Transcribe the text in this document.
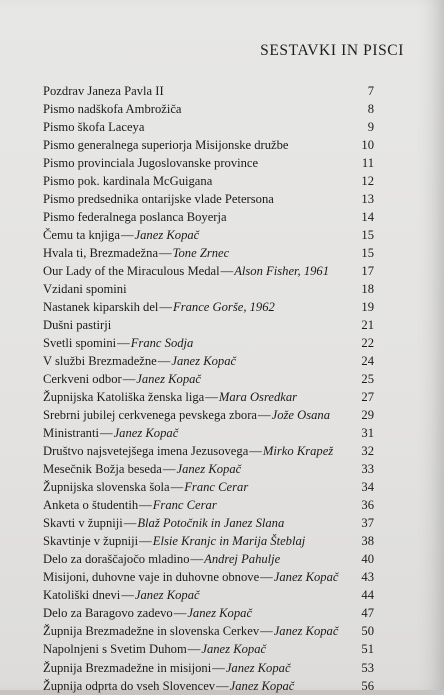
SESTAVKI IN PISCI
Pozdrav Janeza Pavla II	7
Pismo nadškofa Ambrožiča	8
Pismo škofa Laceya	9
Pismo generalnega superiorja Misijonske družbe	10
Pismo provinciala Jugoslovanske province	11
Pismo pok. kardinala McGuigana	12
Pismo predsednika ontarijske vlade Petersona	13
Pismo federalnega poslanca Boyerja	14
Čemu ta knjiga—Janez Kopač	15
Hvala ti, Brezmadežna—Tone Zrnec	15
Our Lady of the Miraculous Medal—Alson Fisher, 1961	17
Vzidani spomini	18
Nastanek kiparskih del—France Gorše, 1962	19
Dušni pastirji	21
Svetli spomini—Franc Sodja	22
V službi Brezmadežne—Janez Kopač	24
Cerkveni odbor—Janez Kopač	25
Župnijska Katoliška ženska liga—Mara Osredkar	27
Srebrni jubilej cerkvenega pevskega zbora—Jože Osana	29
Ministranti—Janez Kopač	31
Društvo najsvetejšega imena Jezusovega—Mirko Krapež	32
Mesečnik Božja beseda—Janez Kopač	33
Župnijska slovenska šola—Franc Cerar	34
Anketa o študentih—Franc Cerar	36
Skavti v župniji—Blaž Potočnik in Janez Slana	37
Skavtinje v župniji—Elsie Kranjc in Marija Šteblaj	38
Delo za doraščajočo mladino—Andrej Pahulje	40
Misijoni, duhovne vaje in duhovne obnove—Janez Kopač	43
Katoliški dnevi—Janez Kopač	44
Delo za Baragovo zadevo—Janez Kopač	47
Župnija Brezmadežne in slovenska Cerkev—Janez Kopač	50
Napolnjeni s Svetim Duhom—Janez Kopač	51
Župnija Brezmadežne in misijoni—Janez Kopač	53
Župnija odprta do vseh Slovencev—Janez Kopač	56
